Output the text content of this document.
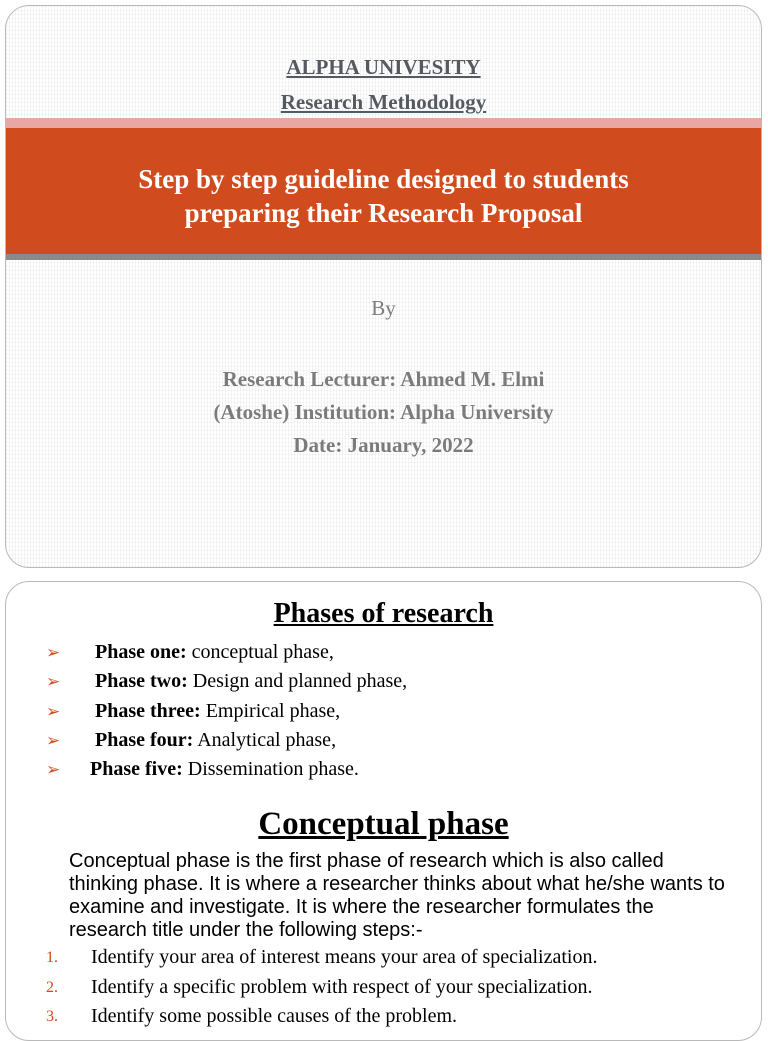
ALPHA UNIVESITY
Research Methodology
Step by step guideline designed to students
preparing their Research Proposal
By
Research Lecturer: Ahmed M. Elmi
(Atoshe) Institution: Alpha University
Date: January, 2022
Phases of research
➢	Phase one: conceptual phase,
➢	Phase two: Design and planned phase,
➢	Phase three: Empirical phase,
➢	Phase four: Analytical phase,
➢	Phase five: Dissemination phase.
Conceptual phase
Conceptual phase is the first phase of research which is also called thinking phase. It is where a researcher thinks about what he/she wants to examine and investigate. It is where the researcher formulates the research title under the following steps:-
1.	Identify your area of interest means your area of specialization.
2.	Identify a specific problem with respect of your specialization.
3.	Identify some possible causes of the problem.
